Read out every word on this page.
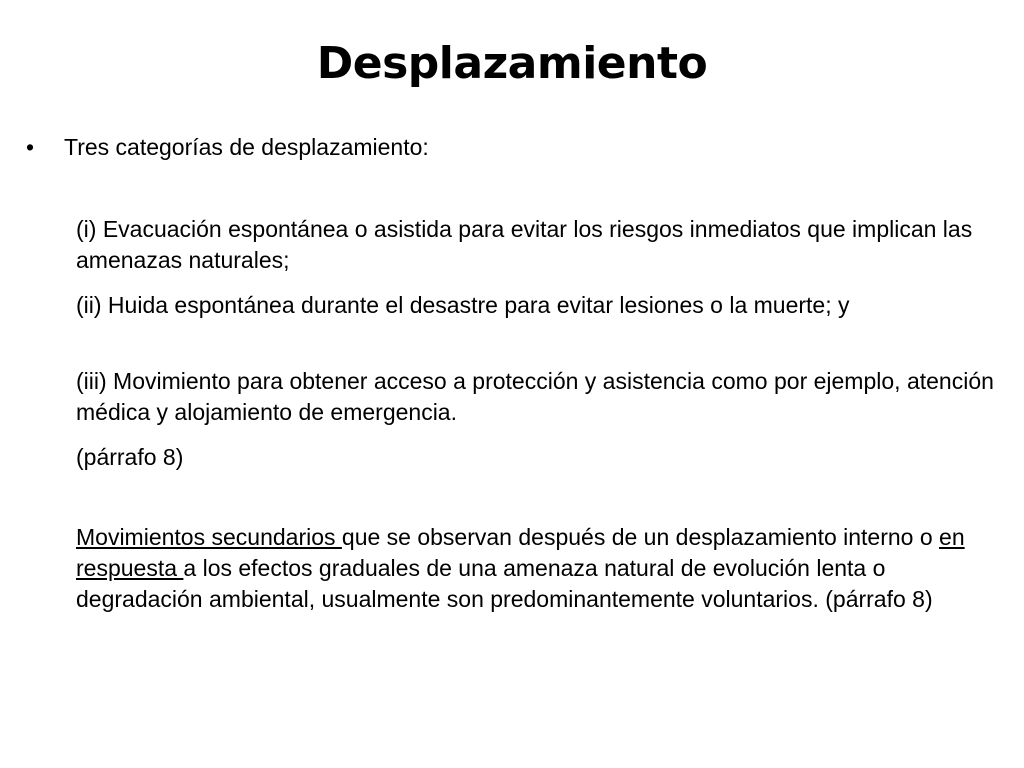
Desplazamiento
• Tres categorías de desplazamiento:

(i) Evacuación espontánea o asistida para evitar los riesgos inmediatos que implican las amenazas naturales;

(ii) Huida espontánea durante el desastre para evitar lesiones o la muerte; y

(iii) Movimiento para obtener acceso a protección y asistencia como por ejemplo, atención médica y alojamiento de emergencia.

(párrafo 8)

Movimientos secundarios que se observan después de un desplazamiento interno o en respuesta a los efectos graduales de una amenaza natural de evolución lenta o degradación ambiental, usualmente son predominantemente voluntarios. (párrafo 8)
